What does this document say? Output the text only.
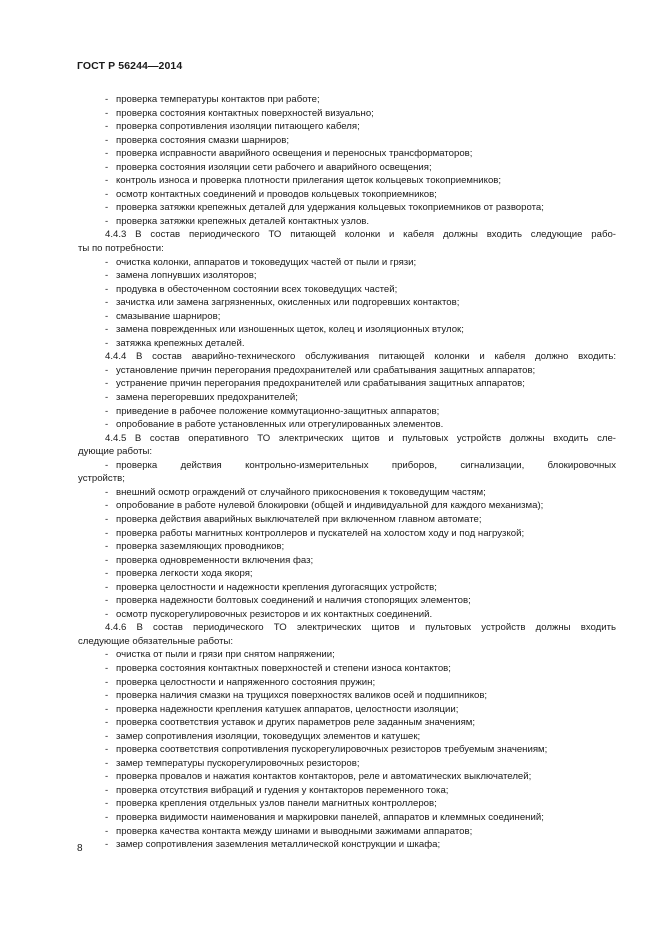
ГОСТ Р 56244—2014
- проверка температуры контактов при работе;
- проверка состояния контактных поверхностей визуально;
- проверка сопротивления изоляции питающего кабеля;
- проверка состояния смазки шарниров;
- проверка исправности аварийного освещения и переносных трансформаторов;
- проверка состояния изоляции сети рабочего и аварийного освещения;
- контроль износа и проверка плотности прилегания щеток кольцевых токоприемников;
- осмотр контактных соединений и проводов кольцевых токоприемников;
- проверка затяжки крепежных деталей для удержания кольцевых токоприемников от разворота;
- проверка затяжки крепежных деталей контактных узлов.
4.4.3 В состав периодического ТО питающей колонки и кабеля должны входить следующие рабо-
ты по потребности:
- очистка колонки, аппаратов и токоведущих частей от пыли и грязи;
- замена лопнувших изоляторов;
- продувка в обесточенном состоянии всех токоведущих частей;
- зачистка или замена загрязненных, окисленных или подгоревших контактов;
- смазывание шарниров;
- замена поврежденных или изношенных щеток, колец и изоляционных втулок;
- затяжка крепежных деталей.
4.4.4 В состав аварийно-технического обслуживания питающей колонки и кабеля должно входить:
- установление причин перегорания предохранителей или срабатывания защитных аппаратов;
- устранение причин перегорания предохранителей или срабатывания защитных аппаратов;
- замена перегоревших предохранителей;
- приведение в рабочее положение коммутационно-защитных аппаратов;
- опробование в работе установленных или отрегулированных элементов.
4.4.5 В состав оперативного ТО электрических щитов и пультовых устройств должны входить сле-
дующие работы:
- проверка действия контрольно-измерительных приборов, сигнализации, блокировочных
устройств;
- внешний осмотр ограждений от случайного прикосновения к токоведущим частям;
- опробование в работе нулевой блокировки (общей и индивидуальной для каждого механизма);
- проверка действия аварийных выключателей при включенном главном автомате;
- проверка работы магнитных контроллеров и пускателей на холостом ходу и под нагрузкой;
- проверка заземляющих проводников;
- проверка одновременности включения фаз;
- проверка легкости хода якоря;
- проверка целостности и надежности крепления дугогасящих устройств;
- проверка надежности болтовых соединений и наличия стопорящих элементов;
- осмотр пускорегулировочных резисторов и их контактных соединений.
4.4.6 В состав периодического ТО электрических щитов и пультовых устройств должны входить
следующие обязательные работы:
- очистка от пыли и грязи при снятом напряжении;
- проверка состояния контактных поверхностей и степени износа контактов;
- проверка целостности и напряженного состояния пружин;
- проверка наличия смазки на трущихся поверхностях валиков осей и подшипников;
- проверка надежности крепления катушек аппаратов, целостности изоляции;
- проверка соответствия уставок и других параметров реле заданным значениям;
- замер сопротивления изоляции, токоведущих элементов и катушек;
- проверка соответствия сопротивления пускорегулировочных резисторов требуемым значениям;
- замер температуры пускорегулировочных резисторов;
- проверка провалов и нажатия контактов контакторов, реле и автоматических выключателей;
- проверка отсутствия вибраций и гудения у контакторов переменного тока;
- проверка крепления отдельных узлов панели магнитных контроллеров;
- проверка видимости наименования и маркировки панелей, аппаратов и клеммных соединений;
- проверка качества контакта между шинами и выводными зажимами аппаратов;
- замер сопротивления заземления металлической конструкции и шкафа;
8
